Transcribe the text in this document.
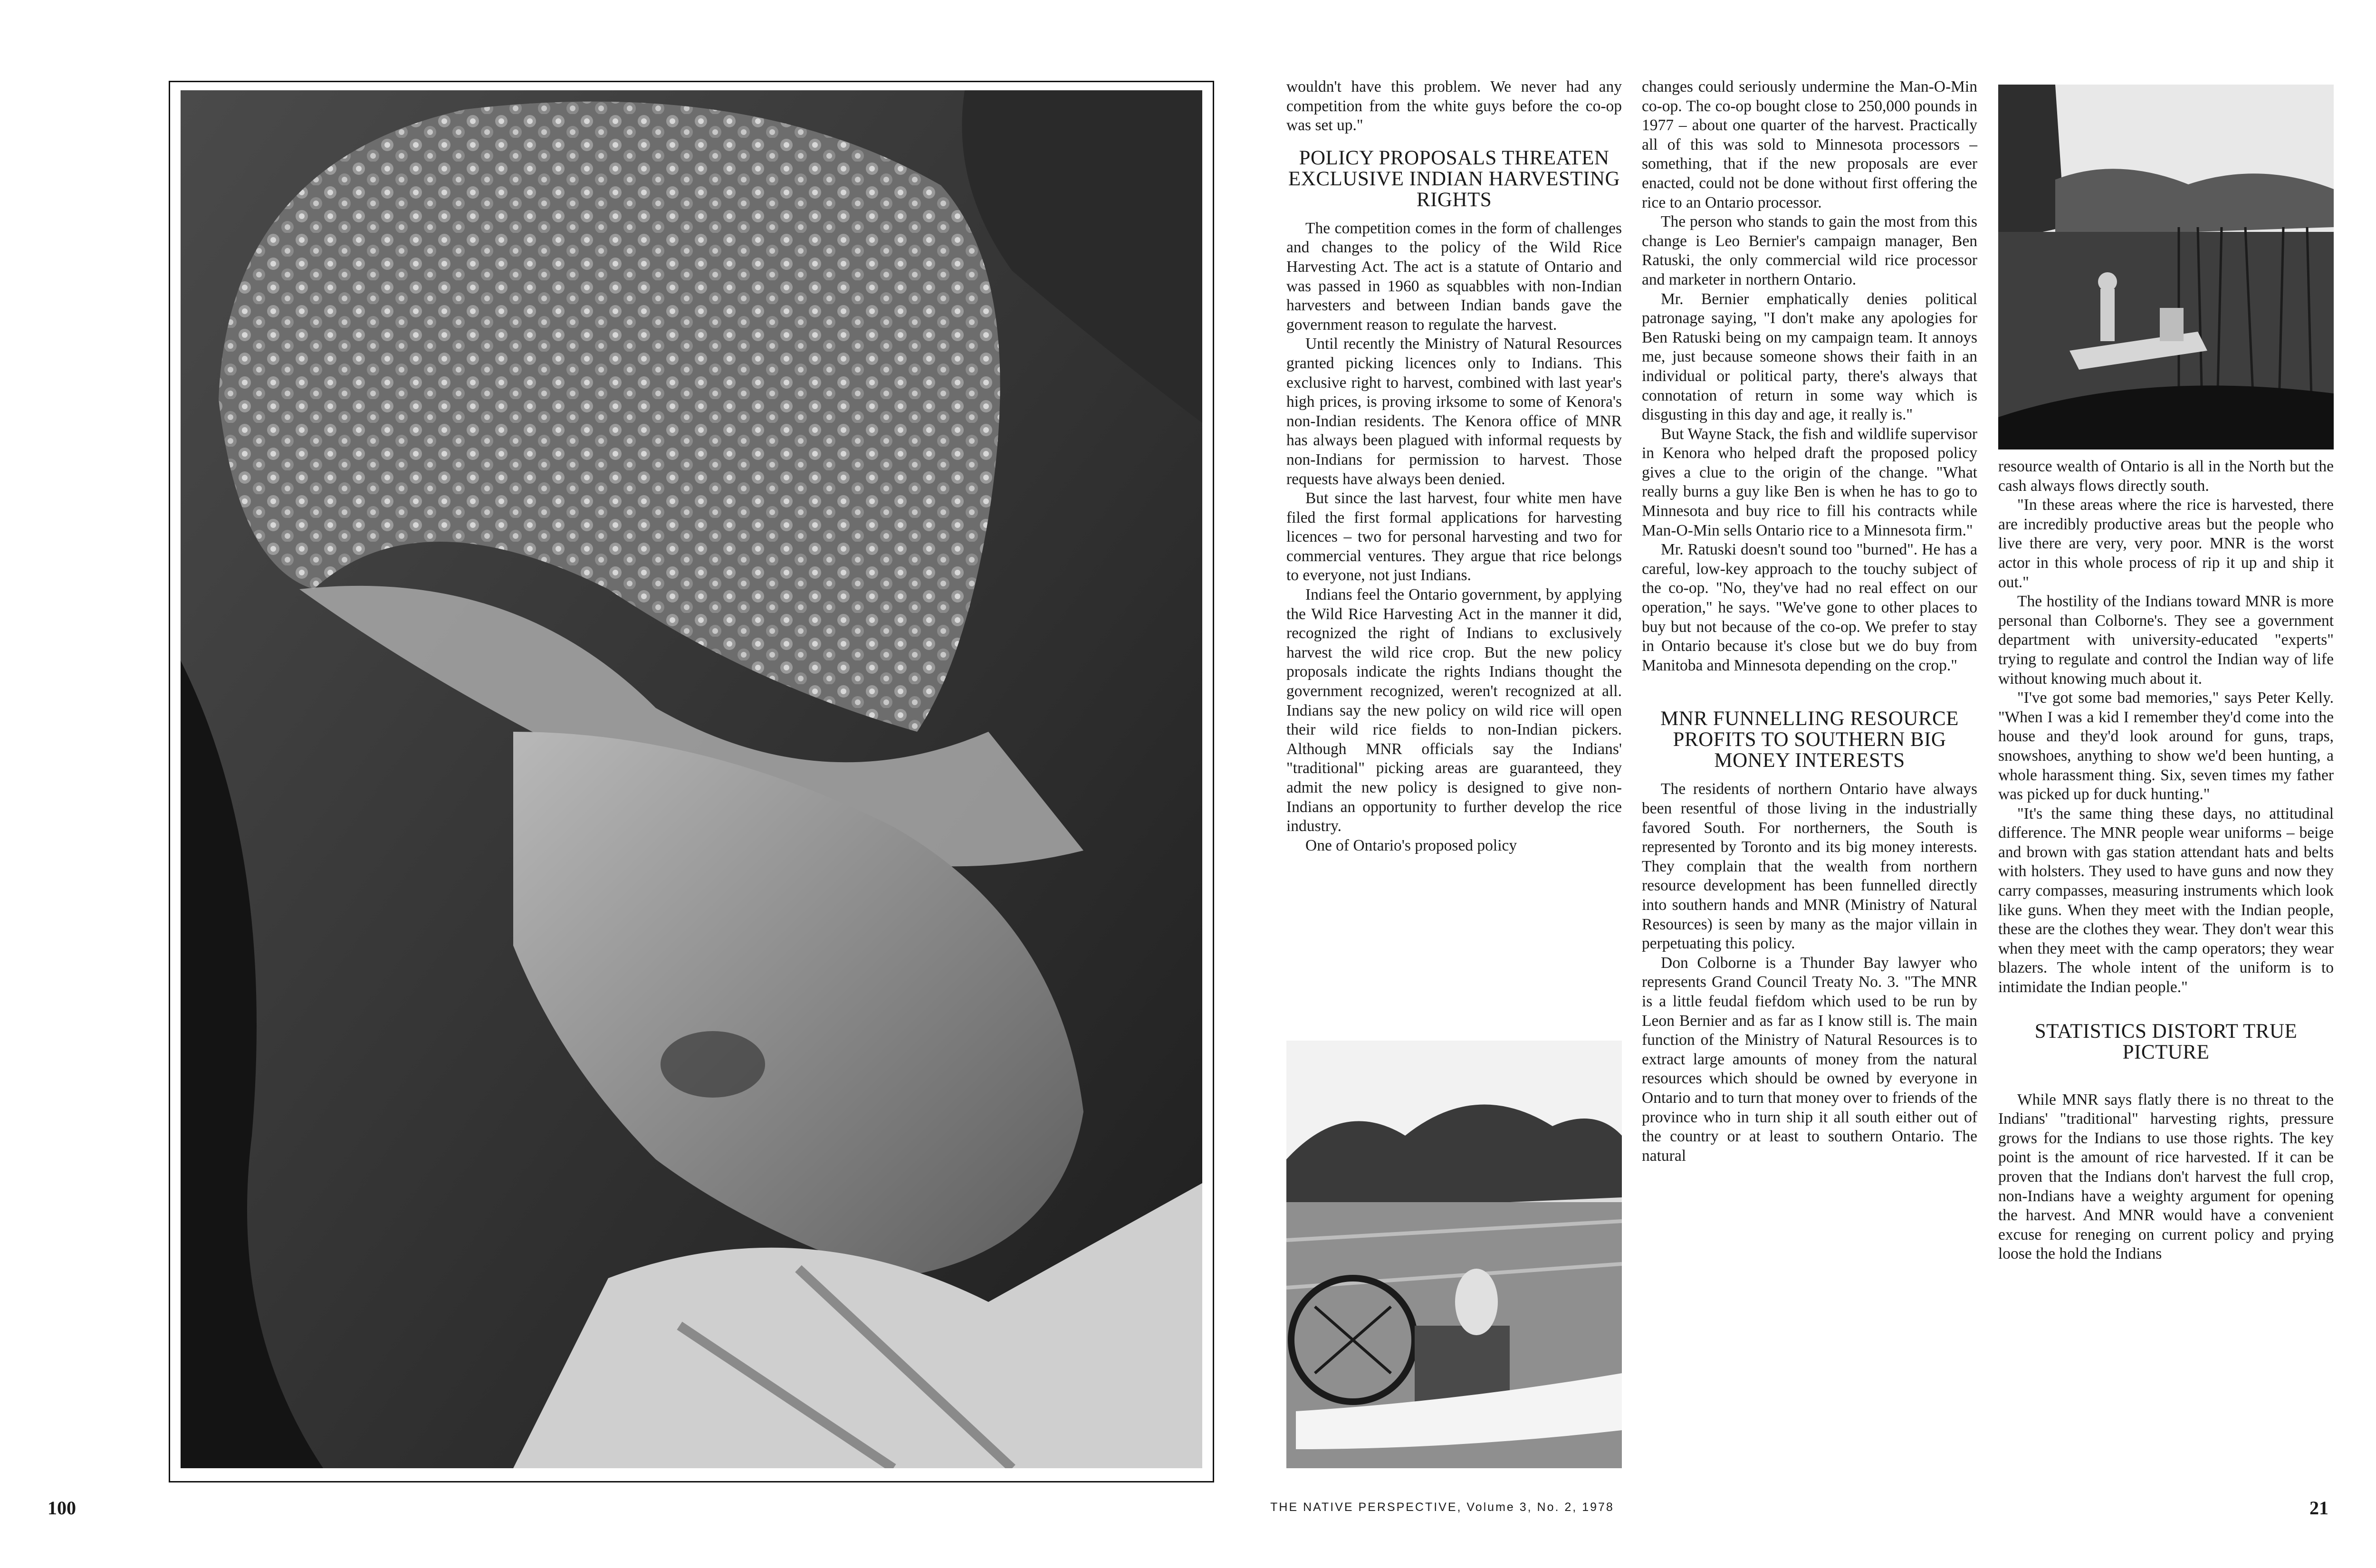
wouldn't have this problem. We never had any competition from the white guys before the co-op was set up."

POLICY PROPOSALS THREATEN EXCLUSIVE INDIAN HARVESTING RIGHTS

The competition comes in the form of challenges and changes to the policy of the Wild Rice Harvesting Act. The act is a statute of Ontario and was passed in 1960 as squabbles with non-Indian harvesters and between Indian bands gave the government reason to regulate the harvest.

Until recently the Ministry of Natural Resources granted picking licences only to Indians. This exclusive right to harvest, combined with last year's high prices, is proving irksome to some of Kenora's non-Indian residents. The Kenora office of MNR has always been plagued with informal requests by non-Indians for permission to harvest. Those requests have always been denied.

But since the last harvest, four white men have filed the first formal applications for harvesting licences – two for personal harvesting and two for commercial ventures. They argue that rice belongs to everyone, not just Indians.

Indians feel the Ontario government, by applying the Wild Rice Harvesting Act in the manner it did, recognized the right of Indians to exclusively harvest the wild rice crop. But the new policy proposals indicate the rights Indians thought the government recognized, weren't recognized at all. Indians say the new policy on wild rice will open their wild rice fields to non-Indian pickers. Although MNR officials say the Indians' "traditional" picking areas are guaranteed, they admit the new policy is designed to give non-Indians an opportunity to further develop the rice industry.

One of Ontario's proposed policy

changes could seriously undermine the Man-O-Min co-op. The co-op bought close to 250,000 pounds in 1977 – about one quarter of the harvest. Practically all of this was sold to Minnesota processors – something, that if the new proposals are ever enacted, could not be done without first offering the rice to an Ontario processor.

The person who stands to gain the most from this change is Leo Bernier's campaign manager, Ben Ratuski, the only commercial wild rice processor and marketer in northern Ontario.

Mr. Bernier emphatically denies political patronage saying, "I don't make any apologies for Ben Ratuski being on my campaign team. It annoys me, just because someone shows their faith in an individual or political party, there's always that connotation of return in some way which is disgusting in this day and age, it really is."

But Wayne Stack, the fish and wildlife supervisor in Kenora who helped draft the proposed policy gives a clue to the origin of the change. "What really burns a guy like Ben is when he has to go to Minnesota and buy rice to fill his contracts while Man-O-Min sells Ontario rice to a Minnesota firm."

Mr. Ratuski doesn't sound too "burned". He has a careful, low-key approach to the touchy subject of the co-op. "No, they've had no real effect on our operation," he says. "We've gone to other places to buy but not because of the co-op. We prefer to stay in Ontario because it's close but we do buy from Manitoba and Minnesota depending on the crop."

MNR FUNNELLING RESOURCE PROFITS TO SOUTHERN BIG MONEY INTERESTS

The residents of northern Ontario have always been resentful of those living in the industrially favored South. For northerners, the South is represented by Toronto and its big money interests. They complain that the wealth from northern resource development has been funnelled directly into southern hands and MNR (Ministry of Natural Resources) is seen by many as the major villain in perpetuating this policy.

Don Colborne is a Thunder Bay lawyer who represents Grand Council Treaty No. 3. "The MNR is a little feudal fiefdom which used to be run by Leon Bernier and as far as I know still is. The main function of the Ministry of Natural Resources is to extract large amounts of money from the natural resources which should be owned by everyone in Ontario and to turn that money over to friends of the province who in turn ship it all south either out of the country or at least to southern Ontario. The natural

resource wealth of Ontario is all in the North but the cash always flows directly south.

"In these areas where the rice is harvested, there are incredibly productive areas but the people who live there are very, very poor. MNR is the worst actor in this whole process of rip it up and ship it out."

The hostility of the Indians toward MNR is more personal than Colborne's. They see a government department with university-educated "experts" trying to regulate and control the Indian way of life without knowing much about it.

"I've got some bad memories," says Peter Kelly. "When I was a kid I remember they'd come into the house and they'd look around for guns, traps, snowshoes, anything to show we'd been hunting, a whole harassment thing. Six, seven times my father was picked up for duck hunting."

"It's the same thing these days, no attitudinal difference. The MNR people wear uniforms – beige and brown with gas station attendant hats and belts with holsters. They used to have guns and now they carry compasses, measuring instruments which look like guns. When they meet with the Indian people, these are the clothes they wear. They don't wear this when they meet with the camp operators; they wear blazers. The whole intent of the uniform is to intimidate the Indian people."

STATISTICS DISTORT TRUE PICTURE

While MNR says flatly there is no threat to the Indians' "traditional" harvesting rights, pressure grows for the Indians to use those rights. The key point is the amount of rice harvested. If it can be proven that the Indians don't harvest the full crop, non-Indians have a weighty argument for opening the harvest. And MNR would have a convenient excuse for reneging on current policy and prying loose the hold the Indians

100	THE NATIVE PERSPECTIVE, Volume 3, No. 2, 1978	21
